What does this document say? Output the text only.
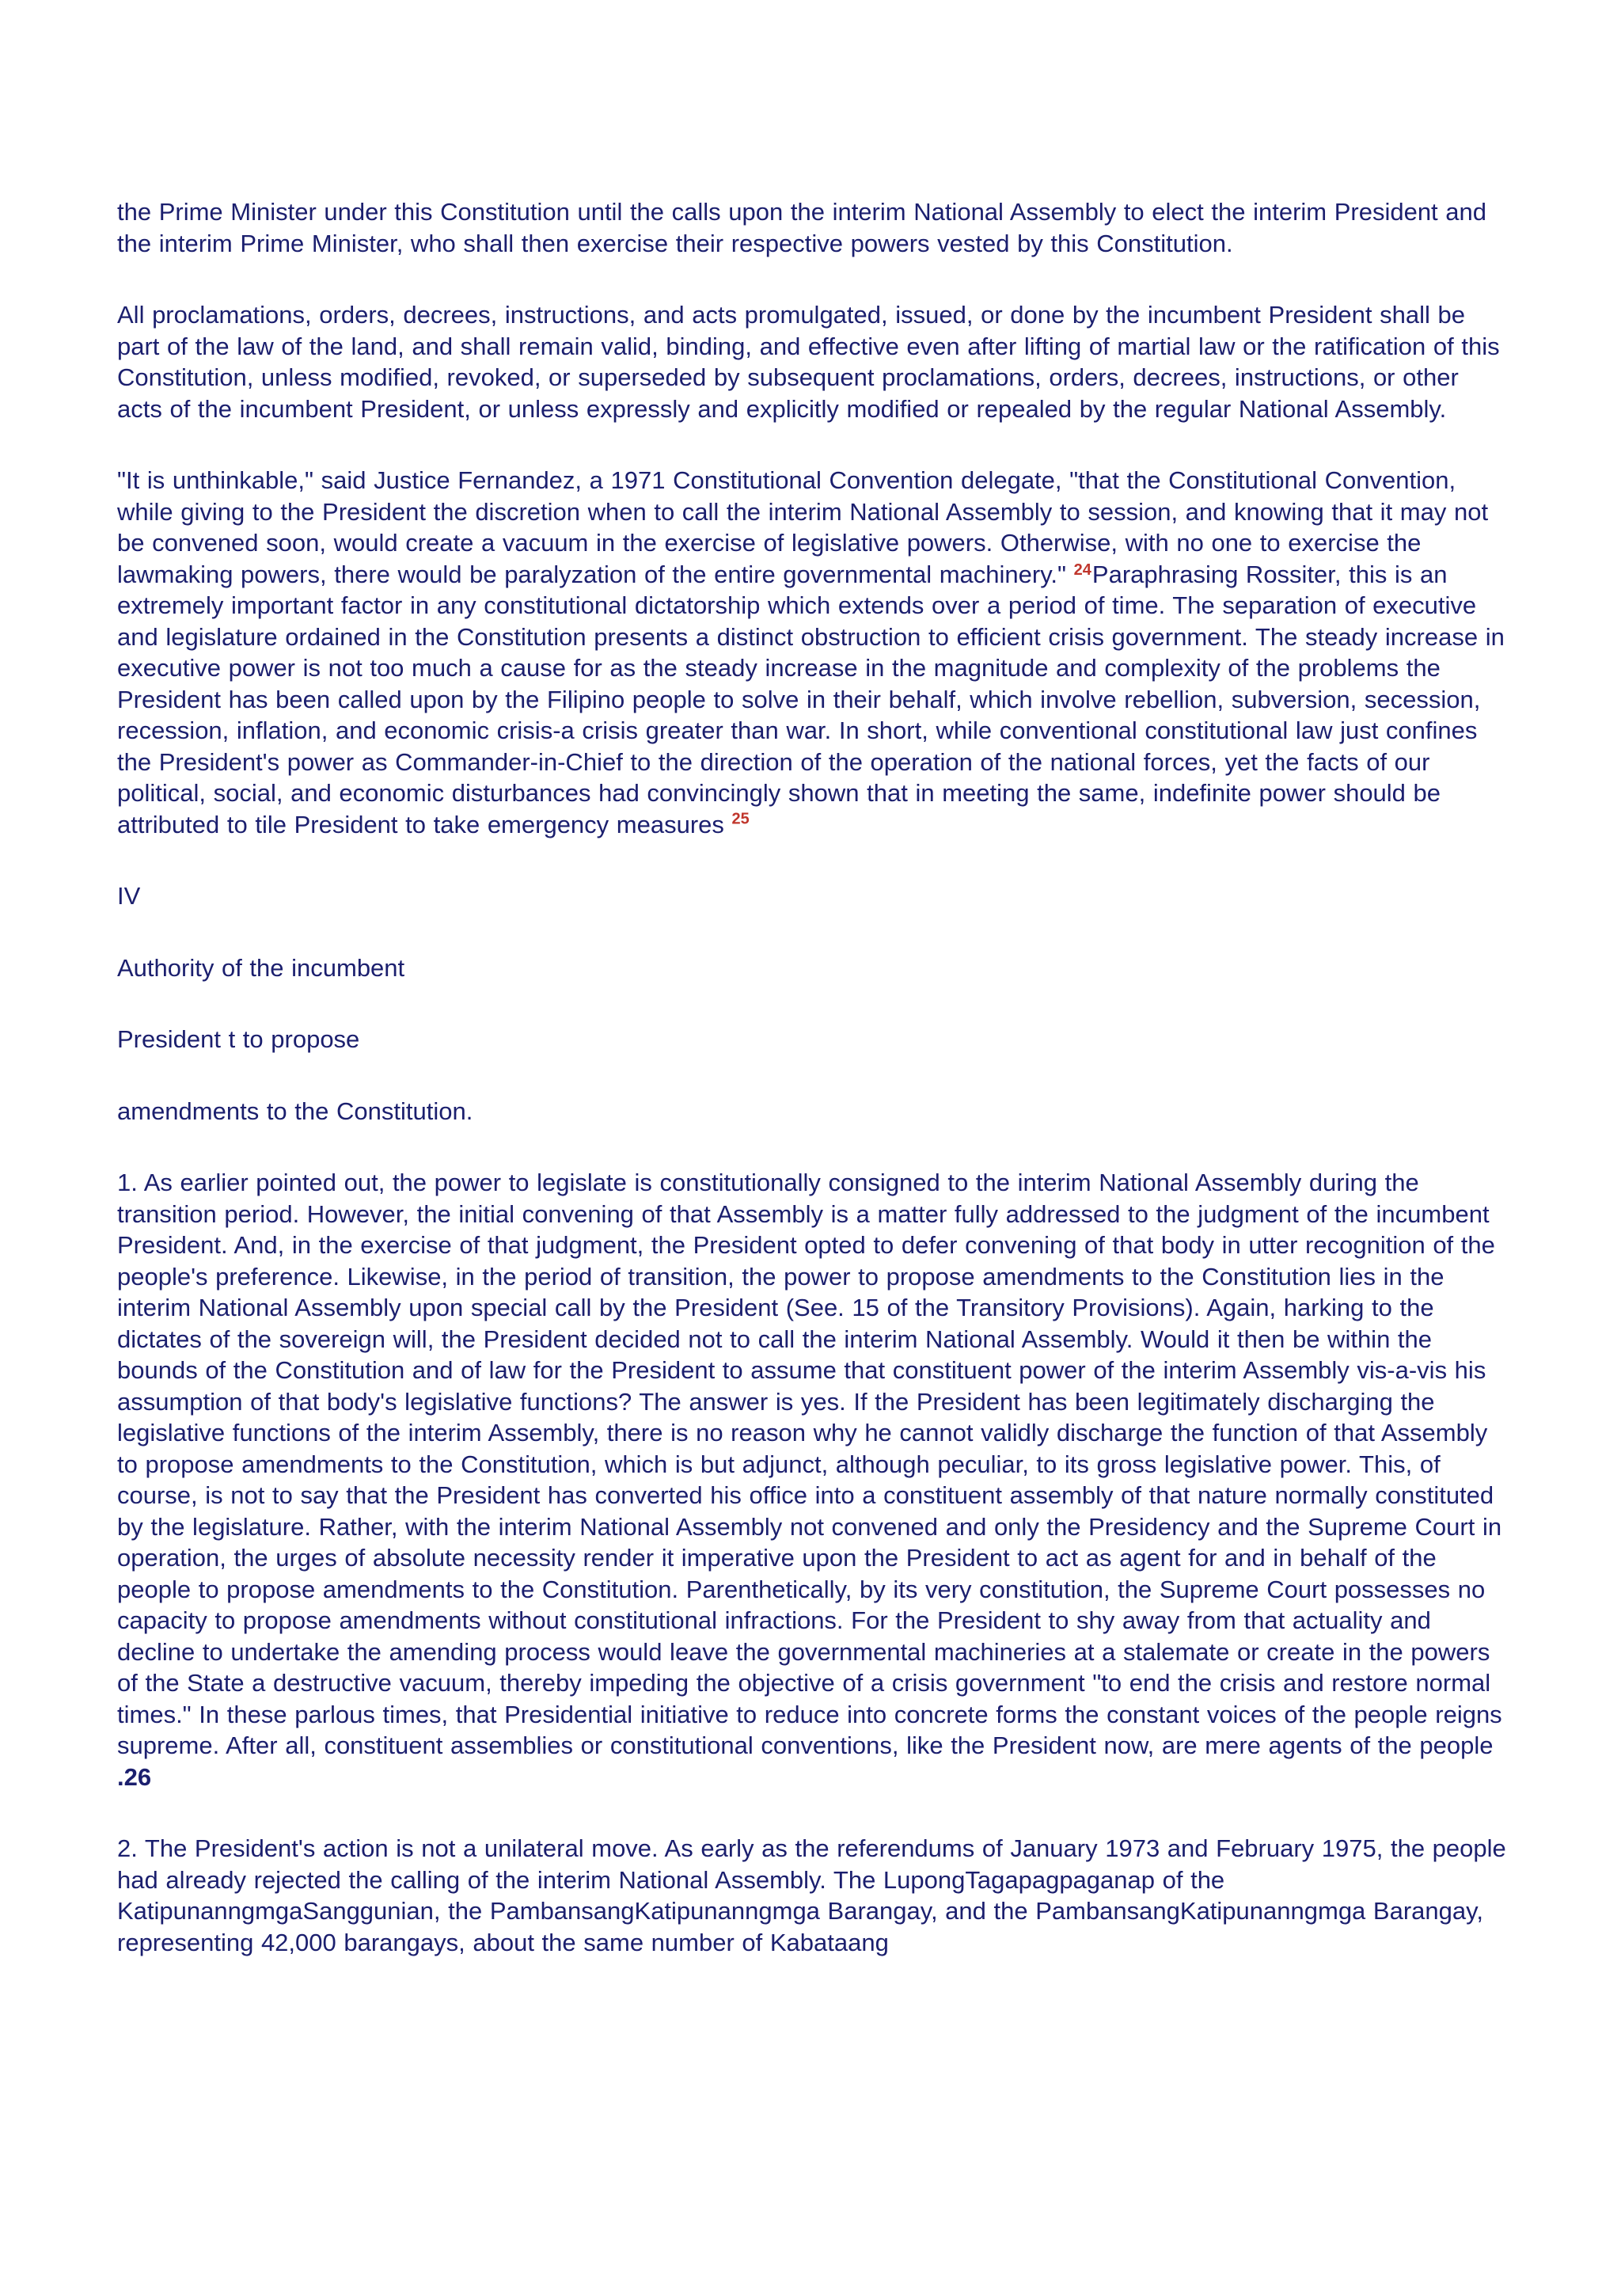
the Prime Minister under this Constitution until the calls upon the interim National Assembly to elect the interim President and the interim Prime Minister, who shall then exercise their respective powers vested by this Constitution.

All proclamations, orders, decrees, instructions, and acts promulgated, issued, or done by the incumbent President shall be part of the law of the land, and shall remain valid, binding, and effective even after lifting of martial law or the ratification of this Constitution, unless modified, revoked, or superseded by subsequent proclamations, orders, decrees, instructions, or other acts of the incumbent President, or unless expressly and explicitly modified or repealed by the regular National Assembly.

"It is unthinkable," said Justice Fernandez, a 1971 Constitutional Convention delegate, "that the Constitutional Convention, while giving to the President the discretion when to call the interim National Assembly to session, and knowing that it may not be convened soon, would create a vacuum in the exercise of legislative powers. Otherwise, with no one to exercise the lawmaking powers, there would be paralyzation of the entire governmental machinery." $^{24}$Paraphrasing Rossiter, this is an extremely important factor in any constitutional dictatorship which extends over a period of time. The separation of executive and legislature ordained in the Constitution presents a distinct obstruction to efficient crisis government. The steady increase in executive power is not too much a cause for as the steady increase in the magnitude and complexity of the problems the President has been called upon by the Filipino people to solve in their behalf, which involve rebellion, subversion, secession, recession, inflation, and economic crisis-a crisis greater than war. In short, while conventional constitutional law just confines the President's power as Commander-in-Chief to the direction of the operation of the national forces, yet the facts of our political, social, and economic disturbances had convincingly shown that in meeting the same, indefinite power should be attributed to tile President to take emergency measures $^{25}$

IV

Authority of the incumbent

President t to propose

amendments to the Constitution.

1. As earlier pointed out, the power to legislate is constitutionally consigned to the interim National Assembly during the transition period. However, the initial convening of that Assembly is a matter fully addressed to the judgment of the incumbent President. And, in the exercise of that judgment, the President opted to defer convening of that body in utter recognition of the people's preference. Likewise, in the period of transition, the power to propose amendments to the Constitution lies in the interim National Assembly upon special call by the President (See. 15 of the Transitory Provisions). Again, harking to the dictates of the sovereign will, the President decided not to call the interim National Assembly. Would it then be within the bounds of the Constitution and of law for the President to assume that constituent power of the interim Assembly vis-a-vis his assumption of that body's legislative functions? The answer is yes. If the President has been legitimately discharging the legislative functions of the interim Assembly, there is no reason why he cannot validly discharge the function of that Assembly to propose amendments to the Constitution, which is but adjunct, although peculiar, to its gross legislative power. This, of course, is not to say that the President has converted his office into a constituent assembly of that nature normally constituted by the legislature. Rather, with the interim National Assembly not convened and only the Presidency and the Supreme Court in operation, the urges of absolute necessity render it imperative upon the President to act as agent for and in behalf of the people to propose amendments to the Constitution. Parenthetically, by its very constitution, the Supreme Court possesses no capacity to propose amendments without constitutional infractions. For the President to shy away from that actuality and decline to undertake the amending process would leave the governmental machineries at a stalemate or create in the powers of the State a destructive vacuum, thereby impeding the objective of a crisis government "to end the crisis and restore normal times." In these parlous times, that Presidential initiative to reduce into concrete forms the constant voices of the people reigns supreme. After all, constituent assemblies or constitutional conventions, like the President now, are mere agents of the people .26

2. The President's action is not a unilateral move. As early as the referendums of January 1973 and February 1975, the people had already rejected the calling of the interim National Assembly. The LupongTagapagpaganap of the KatipunanngmgaSanggunian, the PambansangKatipunanngmga Barangay, and the PambansangKatipunanngmga Barangay, representing 42,000 barangays, about the same number of Kabataang
